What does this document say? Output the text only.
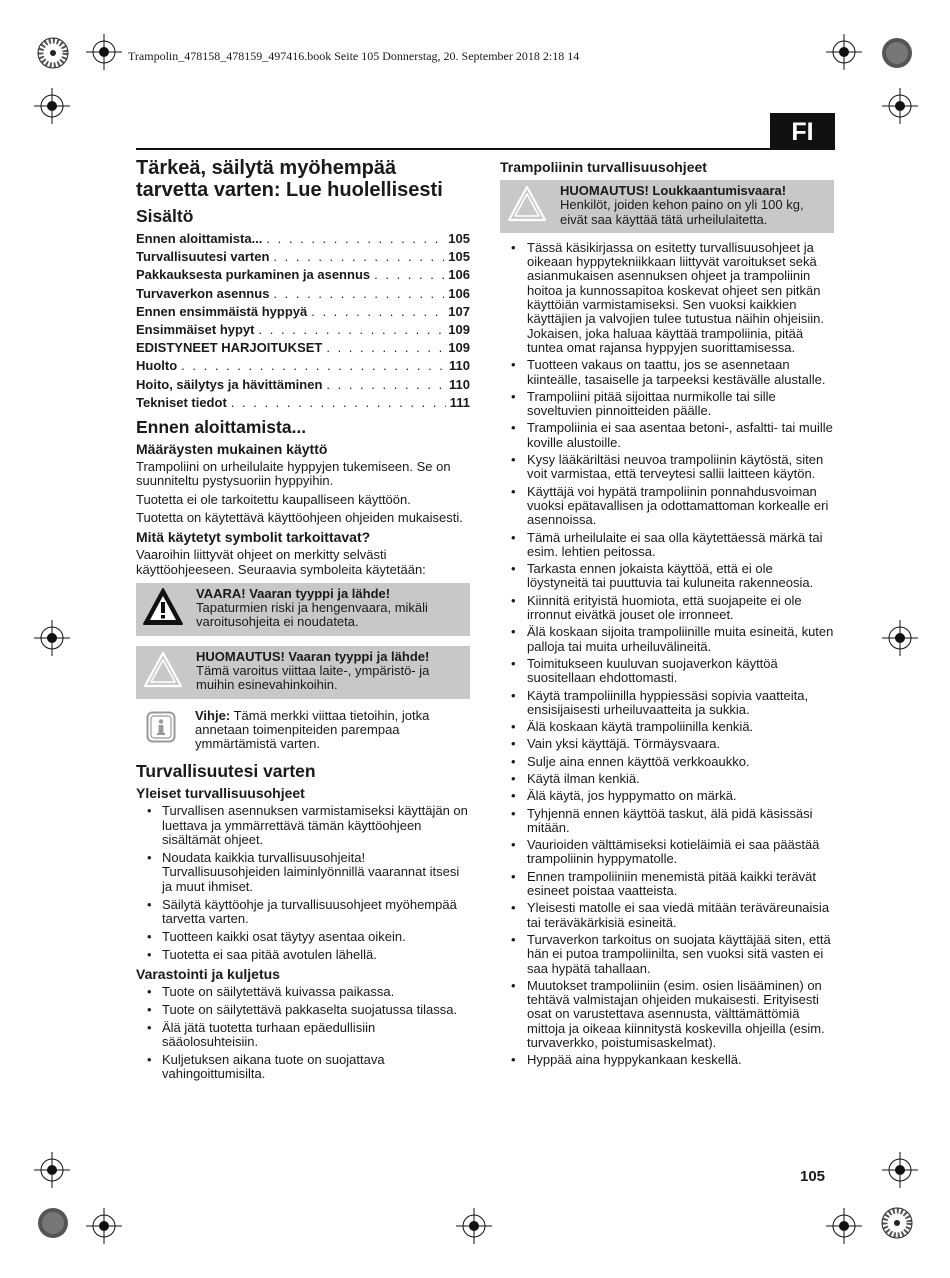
Trampolin_478158_478159_497416.book Seite 105 Donnerstag, 20. September 2018 2:18 14
FI
Tärkeä, säilytä myöhempää tarvetta varten: Lue huolellisesti
Sisältö
Ennen aloittamista... . . .	105
Turvallisuutesi varten . . .	105
Pakkauksesta purkaminen ja asennus . . .	106
Turvaverkon asennus . . .	106
Ennen ensimmäistä hyppyä . . .	107
Ensimmäiset hypyt . . .	109
EDISTYNEET HARJOITUKSET . . .	109
Huolto . . .	110
Hoito, säilytys ja hävittäminen . . .	110
Tekniset tiedot . . .	111
Ennen aloittamista...
Määräysten mukainen käyttö

Trampoliini on urheilulaite hyppyjen tukemiseen. Se on suunniteltu pystysuoriin hyppyihin.

Tuotetta ei ole tarkoitettu kaupalliseen käyttöön.

Tuotetta on käytettävä käyttöohjeen ohjeiden mukaisesti.

Mitä käytetyt symbolit tarkoittavat?

Vaaroihin liittyvät ohjeet on merkitty selvästi käyttöohjeeseen. Seuraavia symboleita käytetään:

VAARA! Vaaran tyyppi ja lähde!
Tapaturmien riski ja hengenvaara, mikäli varoitusohjeita ei noudateta.
HUOMAUTUS! Vaaran tyyppi ja lähde!
Tämä varoitus viittaa laite-, ympäristö- ja muihin esinevahinkoihin.
Vihje: Tämä merkki viittaa tietoihin, jotka annetaan toimenpiteiden parempaa ymmärtämistä varten.
Turvallisuutesi varten
Yleiset turvallisuusohjeet
• Turvallisen asennuksen varmistamiseksi käyttäjän on luettava ja ymmärrettävä tämän käyttöohjeen sisältämät ohjeet.
• Noudata kaikkia turvallisuusohjeita! Turvallisuusohjeiden laiminlyönnillä vaarannat itsesi ja muut ihmiset.
• Säilytä käyttöohje ja turvallisuusohjeet myöhempää tarvetta varten.
• Tuotteen kaikki osat täytyy asentaa oikein.
• Tuotetta ei saa pitää avotulen lähellä.
Varastointi ja kuljetus
• Tuote on säilytettävä kuivassa paikassa.
• Tuote on säilytettävä pakkaselta suojatussa tilassa.
• Älä jätä tuotetta turhaan epäedullisiin sääolosuhteisiin.
• Kuljetuksen aikana tuote on suojattava vahingoittumisilta.
Trampoliinin turvallisuusohjeet
HUOMAUTUS! Loukkaantumisvaara!
Henkilöt, joiden kehon paino on yli 100 kg, eivät saa käyttää tätä urheilulaitetta.
• Tässä käsikirjassa on esitetty turvallisuusohjeet ja oikeaan hyppytekniikkaan liittyvät varoitukset sekä asianmukaisen asennuksen ohjeet ja trampoliinin hoitoa ja kunnossapitoa koskevat ohjeet sen pitkän käyttöiän varmistamiseksi. Sen vuoksi kaikkien käyttäjien ja valvojien tulee tutustua näihin ohjeisiin. Jokaisen, joka haluaa käyttää trampoliinia, pitää tuntea omat rajansa hyppyjen suorittamisessa.
• Tuotteen vakaus on taattu, jos se asennetaan kiinteälle, tasaiselle ja tarpeeksi kestävälle alustalle.
• Trampoliini pitää sijoittaa nurmikolle tai sille soveltuvien pinnoitteiden päälle.
• Trampoliinia ei saa asentaa betoni-, asfaltti- tai muille koville alustoille.
• Kysy lääkäriltäsi neuvoa trampoliinin käytöstä, siten voit varmistaa, että terveytesi sallii laitteen käytön.
• Käyttäjä voi hypätä trampoliinin ponnahdusvoiman vuoksi epätavallisen ja odottamattoman korkealle eri asennoissa.
• Tämä urheilulaite ei saa olla käytettäessä märkä tai esim. lehtien peitossa.
• Tarkasta ennen jokaista käyttöä, että ei ole löystyneitä tai puuttuvia tai kuluneita rakenneosia.
• Kiinnitä erityistä huomiota, että suojapeite ei ole irronnut eivätkä jouset ole irronneet.
• Älä koskaan sijoita trampoliinille muita esineitä, kuten palloja tai muita urheiluvälineitä.
• Toimitukseen kuuluvan suojaverkon käyttöä suositellaan ehdottomasti.
• Käytä trampoliinilla hyppiessäsi sopivia vaatteita, ensisijaisesti urheiluvaatteita ja sukkia.
• Älä koskaan käytä trampoliinilla kenkiä.
• Vain yksi käyttäjä. Törmäysvaara.
• Sulje aina ennen käyttöä verkkoaukko.
• Käytä ilman kenkiä.
• Älä käytä, jos hyppymatto on märkä.
• Tyhjennä ennen käyttöä taskut, älä pidä käsissäsi mitään.
• Vaurioiden välttämiseksi kotieläimiä ei saa päästää trampoliinin hyppymatolle.
• Ennen trampoliiniin menemistä pitää kaikki terävät esineet poistaa vaatteista.
• Yleisesti matolle ei saa viedä mitään teräväreunaisia tai teräväkärkisiä esineitä.
• Turvaverkon tarkoitus on suojata käyttäjää siten, että hän ei putoa trampoliinilta, sen vuoksi sitä vasten ei saa hypätä tahallaan.
• Muutokset trampoliiniin (esim. osien lisääminen) on tehtävä valmistajan ohjeiden mukaisesti. Erityisesti osat on varustettava asennusta, välttämättömiä mittoja ja oikeaa kiinnitystä koskevilla ohjeilla (esim. turvaverkko, poistumisaskelmat).
• Hyppää aina hyppykankaan keskellä.
105
